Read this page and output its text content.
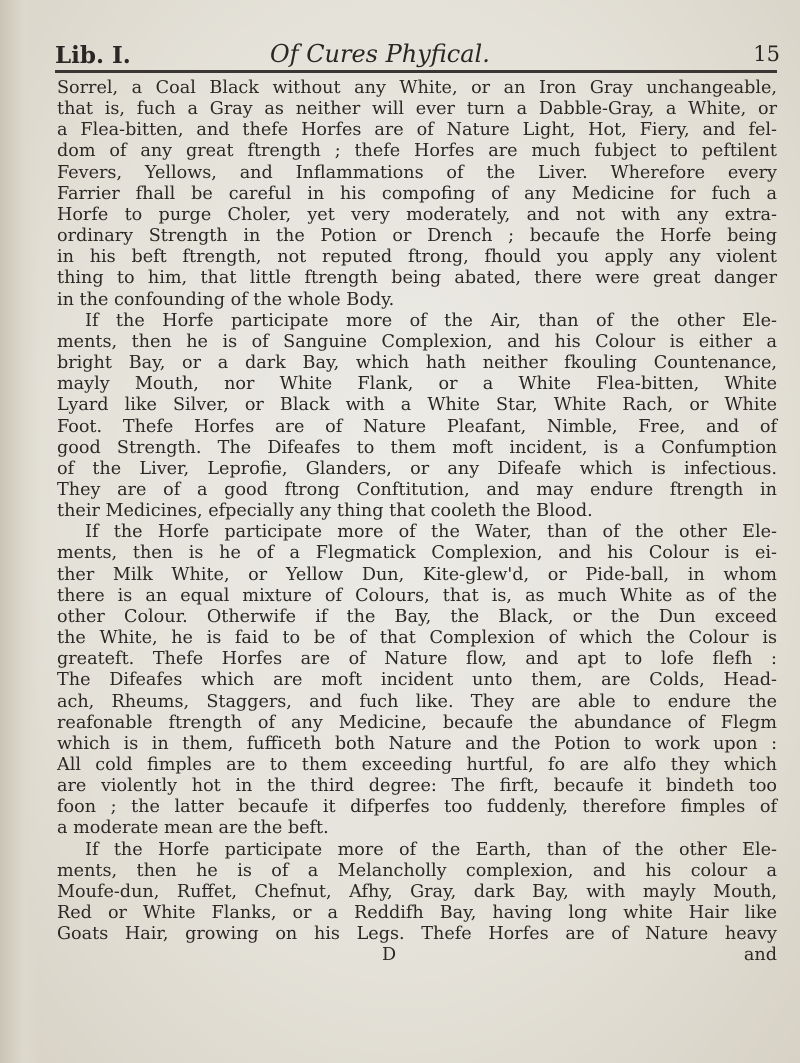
Lib. I.	Of Cures Phyfical.	15
Sorrel, a Coal Black without any White, or an Iron Gray unchangeable,
that is, fuch a Gray as neither will ever turn a Dabble-Gray, a White, or
a Flea-bitten, and thefe Horfes are of Nature Light, Hot, Fiery, and fel-
dom of any great ftrength ; thefe Horfes are much fubject to peftilent
Fevers, Yellows, and Inflammations of the Liver. Wherefore every
Farrier fhall be careful in his compofing of any Medicine for fuch a
Horfe to purge Choler, yet very moderately, and not with any extra-
ordinary Strength in the Potion or Drench ; becaufe the Horfe being
in his beft ftrength, not reputed ftrong, fhould you apply any violent
thing to him, that little ftrength being abated, there were great danger
in the confounding of the whole Body.
If the Horfe participate more of the Air, than of the other Ele-
ments, then he is of Sanguine Complexion, and his Colour is either a
bright Bay, or a dark Bay, which hath neither fkouling Countenance,
mayly Mouth, nor White Flank, or a White Flea-bitten, White
Lyard like Silver, or Black with a White Star, White Rach, or White
Foot. Thefe Horfes are of Nature Pleafant, Nimble, Free, and of
good Strength. The Difeafes to them moft incident, is a Confumption
of the Liver, Leprofie, Glanders, or any Difeafe which is infectious.
They are of a good ftrong Conftitution, and may endure ftrength in
their Medicines, efpecially any thing that cooleth the Blood.
If the Horfe participate more of the Water, than of the other Ele-
ments, then is he of a Flegmatick Complexion, and his Colour is ei-
ther Milk White, or Yellow Dun, Kite-glew'd, or Pide-ball, in whom
there is an equal mixture of Colours, that is, as much White as of the
other Colour. Otherwife if the Bay, the Black, or the Dun exceed
the White, he is faid to be of that Complexion of which the Colour is
greateft. Thefe Horfes are of Nature flow, and apt to lofe flefh :
The Difeafes which are moft incident unto them, are Colds, Head-
ach, Rheums, Staggers, and fuch like. They are able to endure the
reafonable ftrength of any Medicine, becaufe the abundance of Flegm
which is in them, fufficeth both Nature and the Potion to work upon :
All cold fimples are to them exceeding hurtful, fo are alfo they which
are violently hot in the third degree: The firft, becaufe it bindeth too
foon ; the latter becaufe it difperfes too fuddenly, therefore fimples of
a moderate mean are the beft.
If the Horfe participate more of the Earth, than of the other Ele-
ments, then he is of a Melancholly complexion, and his colour a
Moufe-dun, Ruffet, Chefnut, Afhy, Gray, dark Bay, with mayly Mouth,
Red or White Flanks, or a Reddifh Bay, having long white Hair like
Goats Hair, growing on his Legs. Thefe Horfes are of Nature heavy
D	and
